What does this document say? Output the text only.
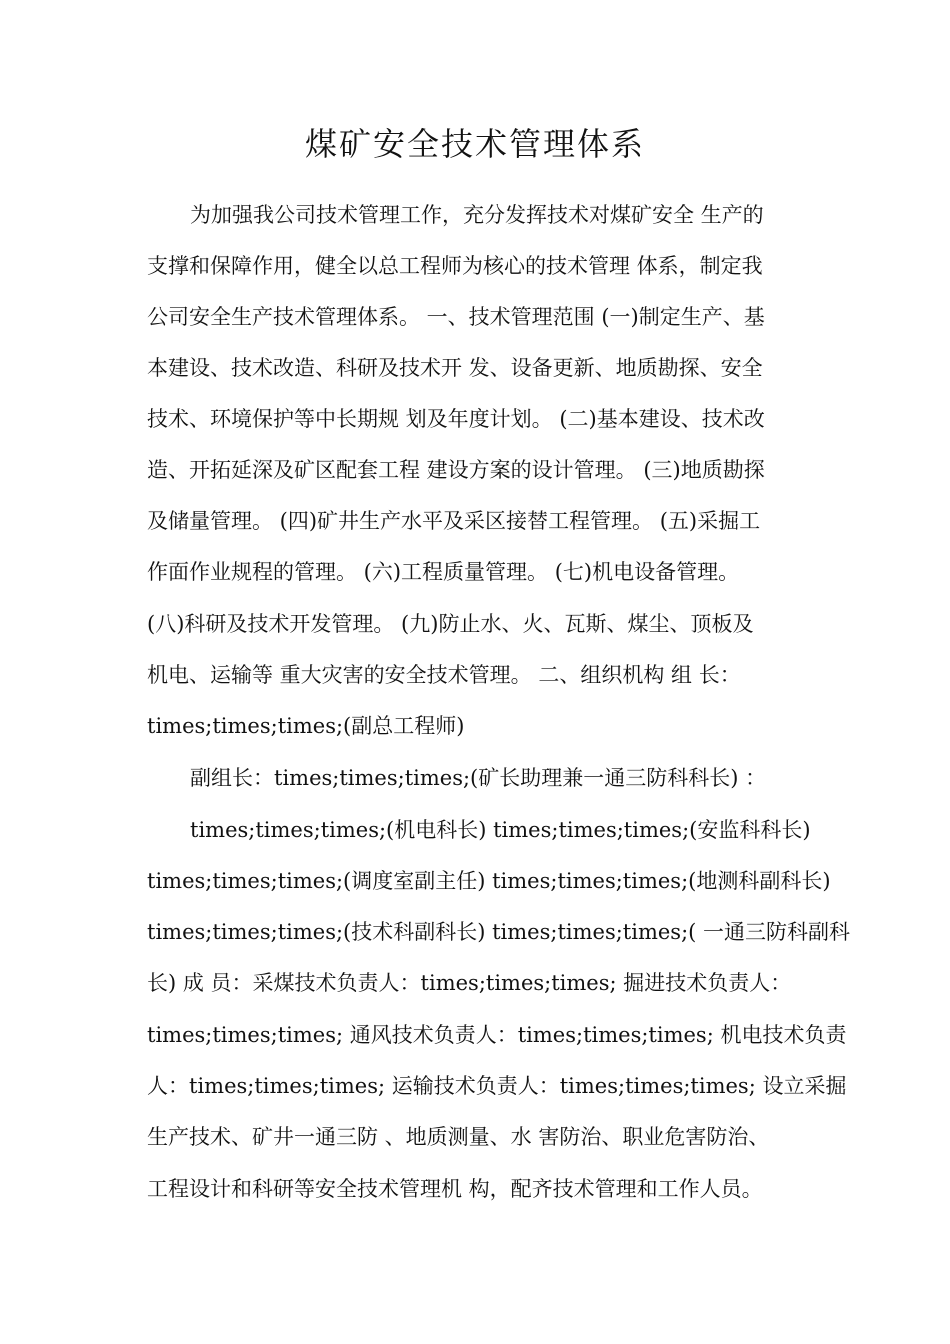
煤矿安全技术管理体系
为加强我公司技术管理工作，充分发挥技术对煤矿安全 生产的
支撑和保障作用，健全以总工程师为核心的技术管理 体系，制定我
公司安全生产技术管理体系。 一、技术管理范围 (一)制定生产、基
本建设、技术改造、科研及技术开 发、设备更新、地质勘探、安全
技术、环境保护等中长期规 划及年度计划。 (二)基本建设、技术改
造、开拓延深及矿区配套工程 建设方案的设计管理。 (三)地质勘探
及储量管理。 (四)矿井生产水平及采区接替工程管理。 (五)采掘工
作面作业规程的管理。 (六)工程质量管理。 (七)机电设备管理。
(八)科研及技术开发管理。 (九)防止水、火、瓦斯、煤尘、顶板及
机电、运输等 重大灾害的安全技术管理。 二、组织机构 组 长：
times;times;times;(副总工程师)
副组长：times;times;times;(矿长助理兼一通三防科科长) ：
times;times;times;(机电科长) times;times;times;(安监科科长)
times;times;times;(调度室副主任) times;times;times;(地测科副科长)
times;times;times;(技术科副科长) times;times;times;( 一通三防科副科
长) 成 员：采煤技术负责人：times;times;times; 掘进技术负责人：
times;times;times; 通风技术负责人：times;times;times; 机电技术负责
人：times;times;times; 运输技术负责人：times;times;times; 设立采掘
生产技术、矿井一通三防 、地质测量、水 害防治、职业危害防治、
工程设计和科研等安全技术管理机 构，配齐技术管理和工作人员。
